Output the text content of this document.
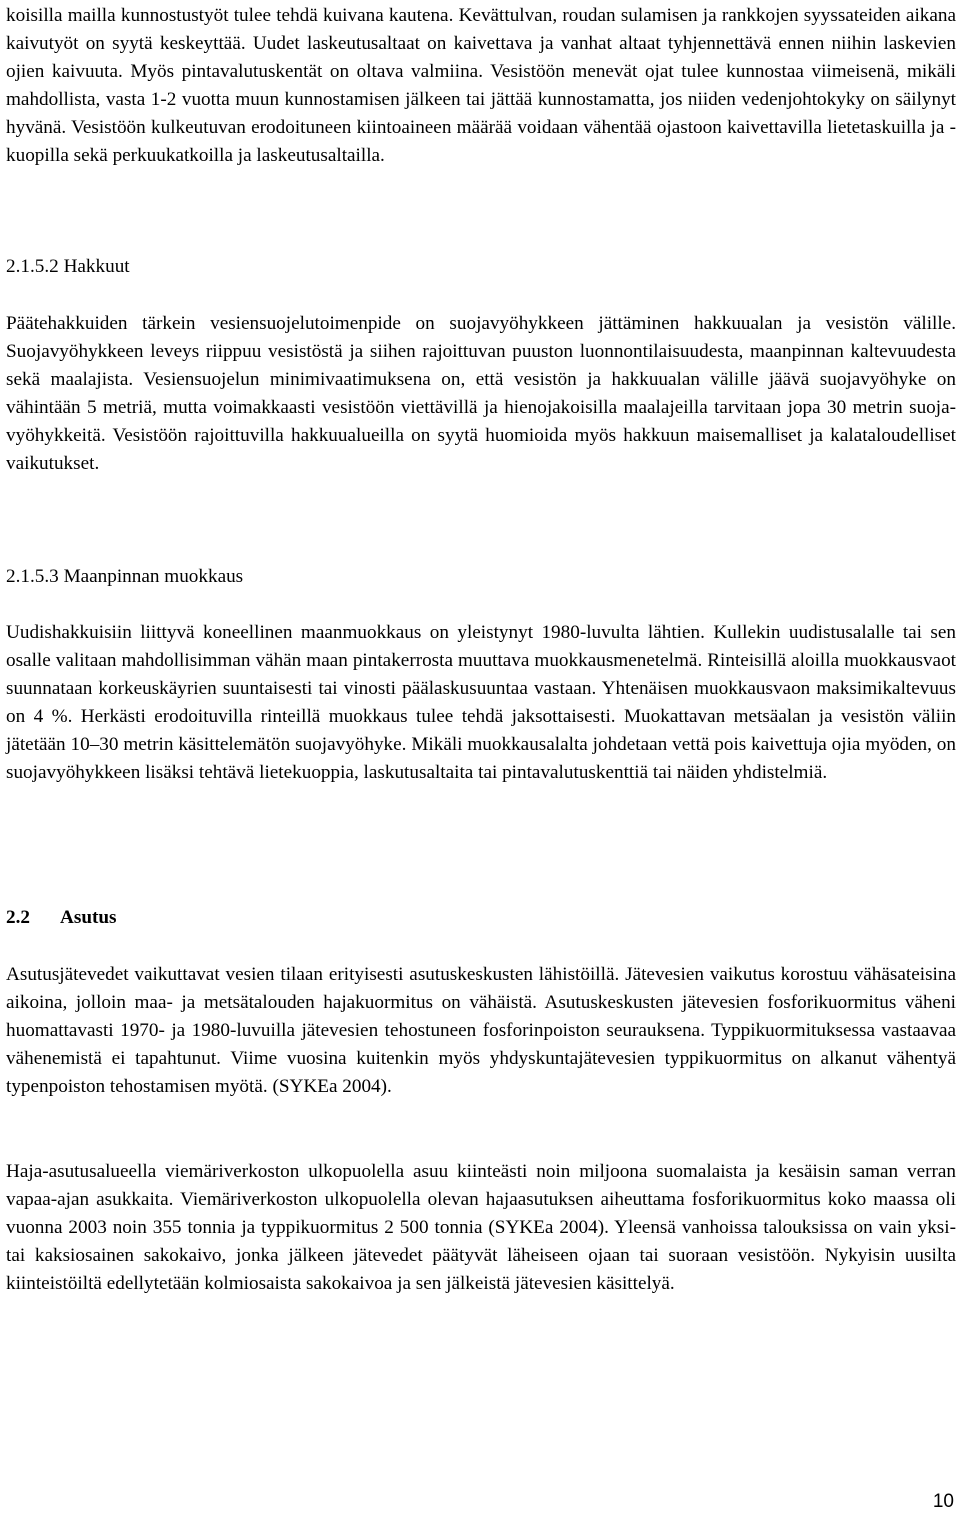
koisilla mailla kunnostustyöt tulee tehdä kuivana kautena. Kevättulvan, roudan sulamisen ja rankkojen syyssateiden aikana kaivutyöt on syytä keskeyttää. Uudet laskeutusaltaat on kaivettava ja vanhat altaat tyhjennettävä ennen niihin laskevien ojien kaivuuta. Myös pintavalutuskentät on oltava valmiina. Vesistöön menevät ojat tulee kunnostaa viimeisenä, mikäli mahdollista, vasta 1-2 vuotta muun kunnostamisen jälkeen tai jättää kunnostamatta, jos niiden vedenjohtokyky on säilynyt hyvänä. Vesistöön kulkeutuvan erodoituneen kiintoaineen määrää voidaan vähentää ojastoon kaivettavilla lietetaskuilla ja -kuopilla sekä perkuukatkoilla ja laskeutusaltailla.

2.1.5.2 Hakkuut

Päätehakkuiden tärkein vesiensuojelutoimenpide on suojavyöhykkeen jättäminen hakkuualan ja vesistön välille. Suojavyöhykkeen leveys riippuu vesistöstä ja siihen rajoittuvan puuston luonnontilaisuudesta, maanpinnan kaltevuudesta sekä maalajista. Vesiensuojelun minimivaatimuksena on, että vesistön ja hakkuualan välille jäävä suojavyöhyke on vähintään 5 metriä, mutta voimakkaasti vesistöön viettävillä ja hienojakoisilla maalajeilla tarvitaan jopa 30 metrin suojavyöhykkeitä. Vesistöön rajoittuvilla hakkuualueilla on syytä huomioida myös hakkuun maisemalliset ja kalataloudelliset vaikutukset.

2.1.5.3 Maanpinnan muokkaus

Uudishakkuisiin liittyvä koneellinen maanmuokkaus on yleistynyt 1980-luvulta lähtien. Kullekin uudistusalalle tai sen osalle valitaan mahdollisimman vähän maan pintakerrosta muuttava muokkausmenetelmä. Rinteisillä aloilla muokkausvaot suunnataan korkeuskäyrien suuntaisesti tai vinosti päälaskusuuntaa vastaan. Yhtenäisen muokkausvaon maksimikaltevuus on 4 %. Herkästi erodoituvilla rinteillä muokkaus tulee tehdä jaksottaisesti. Muokattavan metsäalan ja vesistön väliin jätetään 10–30 metrin käsittelemätön suojavyöhyke. Mikäli muokkausalalta johdetaan vettä pois kaivettuja ojia myöden, on suojavyöhykkeen lisäksi tehtävä lietekuoppia, laskutusaltaita tai pintavalutuskenttiä tai näiden yhdistelmiä.

2.2 Asutus

Asutusjätevedet vaikuttavat vesien tilaan erityisesti asutuskeskusten lähistöillä. Jätevesien vaikutus korostuu vähäsateisina aikoina, jolloin maa- ja metsätalouden hajakuormitus on vähäistä. Asutuskeskusten jätevesien fosforikuormitus väheni huomattavasti 1970- ja 1980-luvuilla jätevesien tehostuneen fosforinpoiston seurauksena. Typpikuormituksessa vastaavaa vähenemistä ei tapahtunut. Viime vuosina kuitenkin myös yhdyskuntajätevesien typpikuormitus on alkanut vähentyä typenpoiston tehostamisen myötä. (SYKEa 2004).

Haja-asutusalueella viemäriverkoston ulkopuolella asuu kiinteästi noin miljoona suomalaista ja kesäisin saman verran vapaa-ajan asukkaita. Viemäriverkoston ulkopuolella olevan hajaasutuksen aiheuttama fosforikuormitus koko maassa oli vuonna 2003 noin 355 tonnia ja typpikuormitus 2 500 tonnia (SYKEa 2004). Yleensä vanhoissa talouksissa on vain yksi- tai kaksiosainen sakokaivo, jonka jälkeen jätevedet päätyvät läheiseen ojaan tai suoraan vesistöön. Nykyisin uusilta kiinteistöiltä edellytetään kolmiosaista sakokaivoa ja sen jälkeistä jätevesien käsittelyä.

10
